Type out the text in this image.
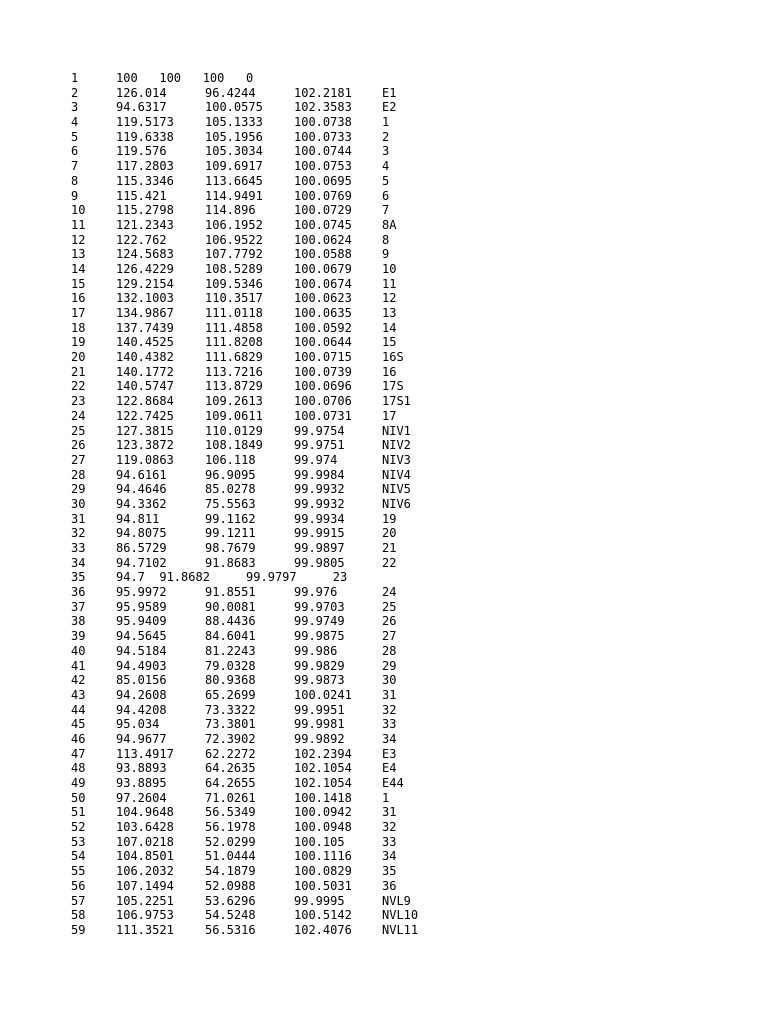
1	100   100   100   0
2	126.014	96.4244	102.2181	E1
3	94.6317	100.0575	102.3583	E2
4	119.5173	105.1333	100.0738	1
5	119.6338	105.1956	100.0733	2
6	119.576	105.3034	100.0744	3
7	117.2803	109.6917	100.0753	4
8	115.3346	113.6645	100.0695	5
9	115.421	114.9491	100.0769	6
10	115.2798	114.896	100.0729	7
11	121.2343	106.1952	100.0745	8A
12	122.762	106.9522	100.0624	8
13	124.5683	107.7792	100.0588	9
14	126.4229	108.5289	100.0679	10
15	129.2154	109.5346	100.0674	11
16	132.1003	110.3517	100.0623	12
17	134.9867	111.0118	100.0635	13
18	137.7439	111.4858	100.0592	14
19	140.4525	111.8208	100.0644	15
20	140.4382	111.6829	100.0715	16S
21	140.1772	113.7216	100.0739	16
22	140.5747	113.8729	100.0696	17S
23	122.8684	109.2613	100.0706	17S1
24	122.7425	109.0611	100.0731	17
25	127.3815	110.0129	99.9754	NIV1
26	123.3872	108.1849	99.9751	NIV2
27	119.0863	106.118	99.974	NIV3
28	94.6161	96.9095	99.9984	NIV4
29	94.4646	85.0278	99.9932	NIV5
30	94.3362	75.5563	99.9932	NIV6
31	94.811	99.1162	99.9934	19
32	94.8075	99.1211	99.9915	20
33	86.5729	98.7679	99.9897	21
34	94.7102	91.8683	99.9805	22
35	94.7  91.8682     99.9797     23
36	95.9972	91.8551	99.976	24
37	95.9589	90.0081	99.9703	25
38	95.9409	88.4436	99.9749	26
39	94.5645	84.6041	99.9875	27
40	94.5184	81.2243	99.986	28
41	94.4903	79.0328	99.9829	29
42	85.0156	80.9368	99.9873	30
43	94.2608	65.2699	100.0241	31
44	94.4208	73.3322	99.9951	32
45	95.034	73.3801	99.9981	33
46	94.9677	72.3902	99.9892	34
47	113.4917	62.2272	102.2394	E3
48	93.8893	64.2635	102.1054	E4
49	93.8895	64.2655	102.1054	E44
50	97.2604	71.0261	100.1418	1
51	104.9648	56.5349	100.0942	31
52	103.6428	56.1978	100.0948	32
53	107.0218	52.0299	100.105	33
54	104.8501	51.0444	100.1116	34
55	106.2032	54.1879	100.0829	35
56	107.1494	52.0988	100.5031	36
57	105.2251	53.6296	99.9995	NVL9
58	106.9753	54.5248	100.5142	NVL10
59	111.3521	56.5316	102.4076	NVL11
